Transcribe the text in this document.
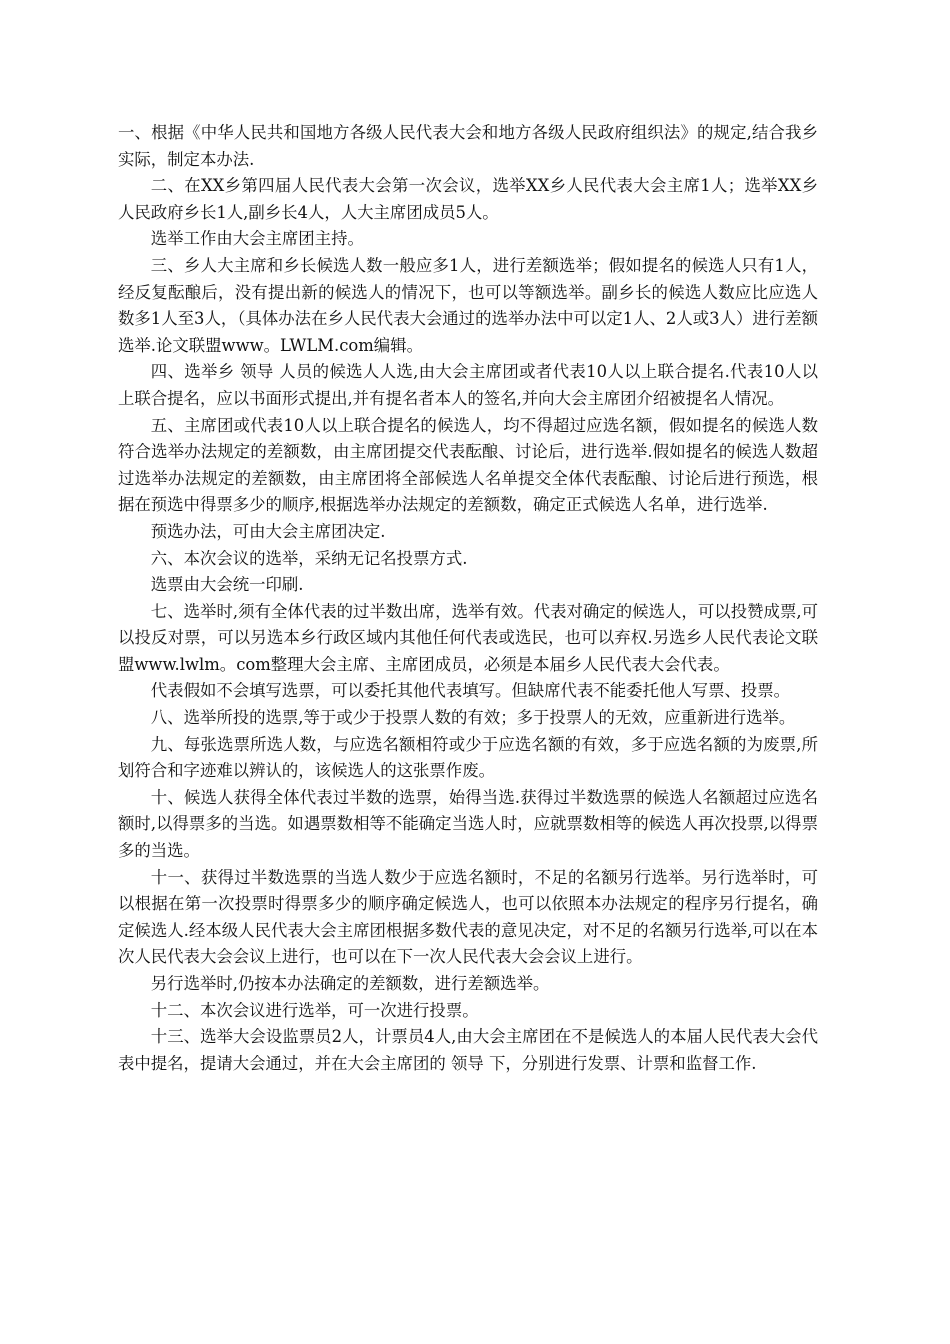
一、根据《中华人民共和国地方各级人民代表大会和地方各级人民政府组织法》的规定,结合我乡实际，制定本办法.

二、在XX乡第四届人民代表大会第一次会议，选举XX乡人民代表大会主席1人；选举XX乡人民政府乡长1人,副乡长4人，人大主席团成员5人。

选举工作由大会主席团主持。

三、乡人大主席和乡长候选人数一般应多1人，进行差额选举；假如提名的候选人只有1人，经反复酝酿后，没有提出新的候选人的情况下，也可以等额选举。副乡长的候选人数应比应选人数多1人至3人，（具体办法在乡人民代表大会通过的选举办法中可以定1人、2人或3人）进行差额选举.论文联盟www。LWLM.com编辑。

四、选举乡 领导 人员的候选人人选,由大会主席团或者代表10人以上联合提名.代表10人以上联合提名，应以书面形式提出,并有提名者本人的签名,并向大会主席团介绍被提名人情况。

五、主席团或代表10人以上联合提名的候选人，均不得超过应选名额，假如提名的候选人数符合选举办法规定的差额数，由主席团提交代表酝酿、讨论后，进行选举.假如提名的候选人数超过选举办法规定的差额数，由主席团将全部候选人名单提交全体代表酝酿、讨论后进行预选，根据在预选中得票多少的顺序,根据选举办法规定的差额数，确定正式候选人名单，进行选举.

预选办法，可由大会主席团决定.

六、本次会议的选举，采纳无记名投票方式.

选票由大会统一印刷.

七、选举时,须有全体代表的过半数出席，选举有效。代表对确定的候选人，可以投赞成票,可以投反对票，可以另选本乡行政区域内其他任何代表或选民，也可以弃权.另选乡人民代表论文联盟www.lwlm。com整理大会主席、主席团成员，必须是本届乡人民代表大会代表。

代表假如不会填写选票，可以委托其他代表填写。但缺席代表不能委托他人写票、投票。

八、选举所投的选票,等于或少于投票人数的有效；多于投票人的无效，应重新进行选举。

九、每张选票所选人数，与应选名额相符或少于应选名额的有效，多于应选名额的为废票,所划符合和字迹难以辨认的，该候选人的这张票作废。

十、候选人获得全体代表过半数的选票，始得当选.获得过半数选票的候选人名额超过应选名额时,以得票多的当选。如遇票数相等不能确定当选人时，应就票数相等的候选人再次投票,以得票多的当选。

十一、获得过半数选票的当选人数少于应选名额时，不足的名额另行选举。另行选举时，可以根据在第一次投票时得票多少的顺序确定候选人，也可以依照本办法规定的程序另行提名，确定候选人.经本级人民代表大会主席团根据多数代表的意见决定，对不足的名额另行选举,可以在本次人民代表大会会议上进行，也可以在下一次人民代表大会会议上进行。

另行选举时,仍按本办法确定的差额数，进行差额选举。

十二、本次会议进行选举，可一次进行投票。

十三、选举大会设监票员2人，计票员4人,由大会主席团在不是候选人的本届人民代表大会代表中提名，提请大会通过，并在大会主席团的 领导 下，分别进行发票、计票和监督工作.
